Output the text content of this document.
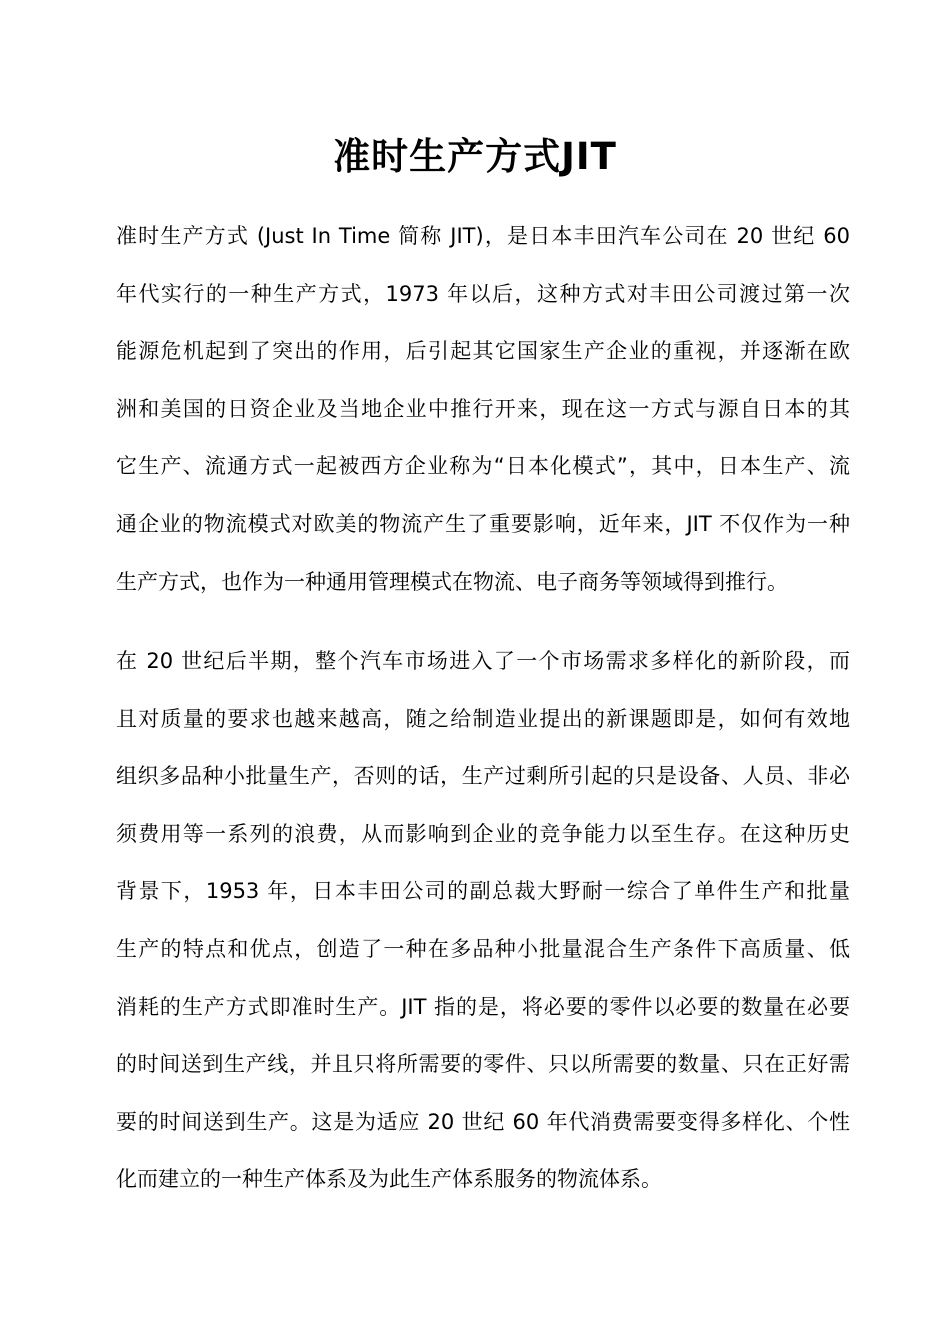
准时生产方式JIT

准时生产方式 (Just In Time 简称 JIT)，是日本丰田汽车公司在 20 世纪 60
年代实行的一种生产方式，1973 年以后，这种方式对丰田公司渡过第一次
能源危机起到了突出的作用，后引起其它国家生产企业的重视，并逐渐在欧
洲和美国的日资企业及当地企业中推行开来，现在这一方式与源自日本的其
它生产、流通方式一起被西方企业称为“日本化模式”，其中，日本生产、流
通企业的物流模式对欧美的物流产生了重要影响，近年来，JIT 不仅作为一种
生产方式，也作为一种通用管理模式在物流、电子商务等领域得到推行。

在 20 世纪后半期，整个汽车市场进入了一个市场需求多样化的新阶段，而
且对质量的要求也越来越高，随之给制造业提出的新课题即是，如何有效地
组织多品种小批量生产，否则的话，生产过剩所引起的只是设备、人员、非必
须费用等一系列的浪费，从而影响到企业的竞争能力以至生存。在这种历史
背景下，1953 年，日本丰田公司的副总裁大野耐一综合了单件生产和批量
生产的特点和优点，创造了一种在多品种小批量混合生产条件下高质量、低
消耗的生产方式即准时生产。JIT 指的是，将必要的零件以必要的数量在必要
的时间送到生产线，并且只将所需要的零件、只以所需要的数量、只在正好需
要的时间送到生产。这是为适应 20 世纪 60 年代消费需要变得多样化、个性
化而建立的一种生产体系及为此生产体系服务的物流体系。
